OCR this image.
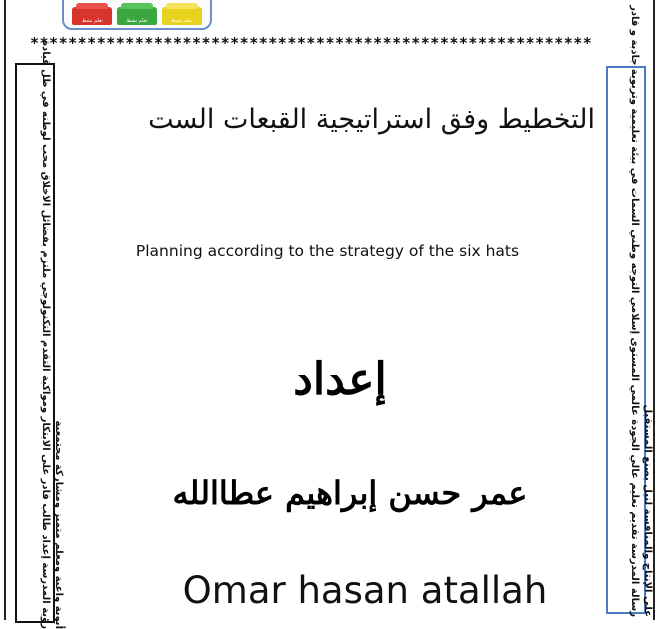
تعلم نشط	تعلم نشط	تعلم نشط
***********************************************************
رؤية المدرسة إعداد طالب قادر على الابتكار ومواكبة التقدم التكنولوجي ملتزم بفضائل الاخلاق محب لوطنه في ظل قيادة أبوية واعية ومعلم متميز ومشاركة مجتمعية	رسالة المدرسة تقديم تعليم عالي الجودة عالمي المستوى إسلامي التوجه وطني السمات في بيئة تعليمية وتربوية جاذبة و قادر على الإنتاج والمنافسة لنيل بصنع المستقبل
التخطيط وفق استراتيجية القبعات الست
Planning according to the strategy of the six hats
إعداد
عمر حسن إبراهيم عطاالله
Omar hasan atallah
